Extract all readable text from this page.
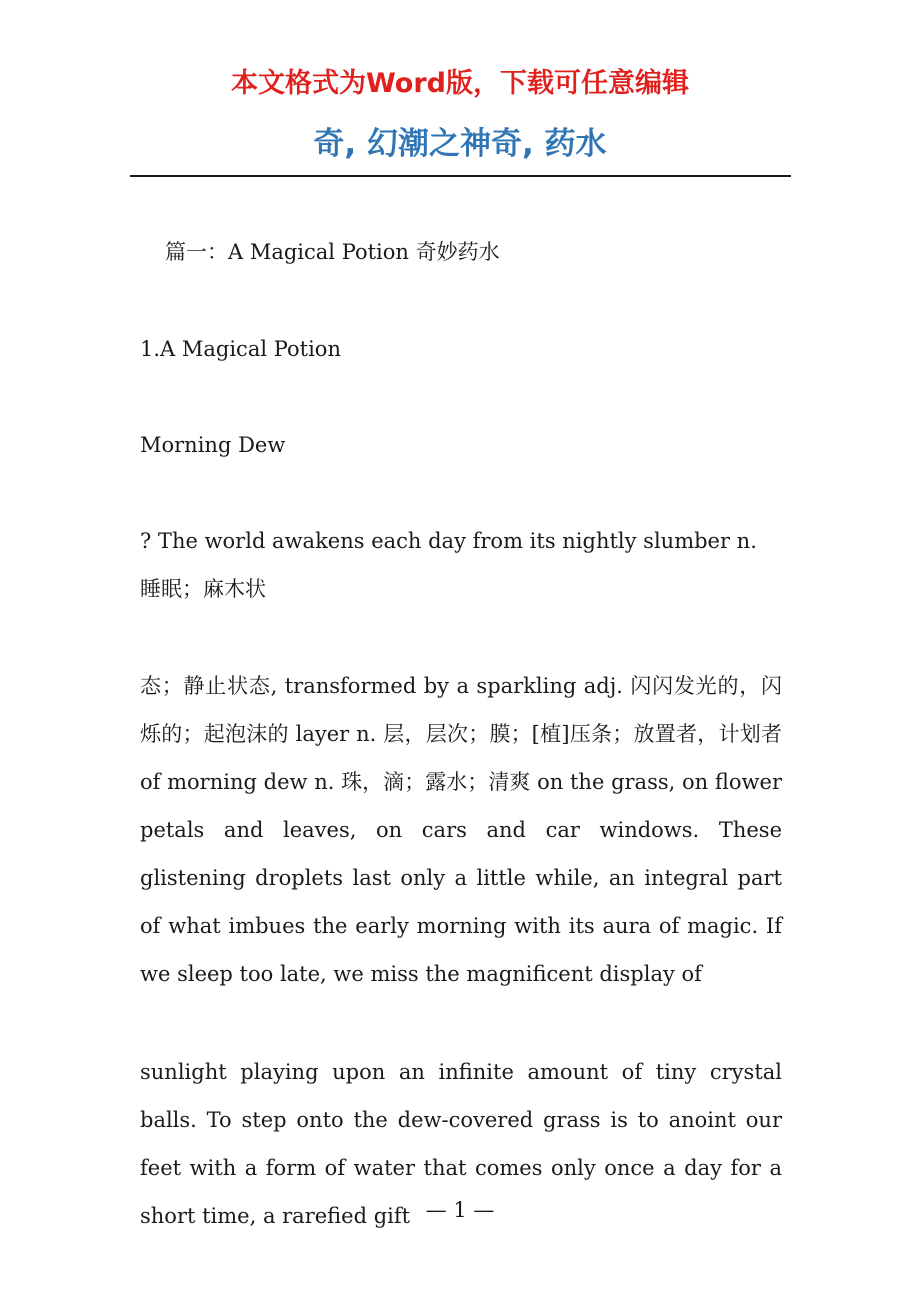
本文格式为Word版，下载可任意编辑
奇, 幻潮之神奇, 药水

篇一：A Magical Potion 奇妙药水

1.A Magical Potion

Morning Dew

? The world awakens each day from its nightly slumber n. 睡眠；麻木状

态；静止状态, transformed by a sparkling adj. 闪闪发光的，闪烁的；起泡沫的 layer n. 层，层次；膜；[植]压条；放置者，计划者 of morning dew n. 珠，滴；露水；清爽 on the grass, on flower petals and leaves, on cars and car windows. These glistening droplets last only a little while, an integral part of what imbues the early morning with its aura of magic. If we sleep too late, we miss the magnificent display of

sunlight playing upon an infinite amount of tiny crystal balls. To step onto the dew-covered grass is to anoint our feet with a form of water that comes only once a day for a short time, a rarefied gift — 1 —
